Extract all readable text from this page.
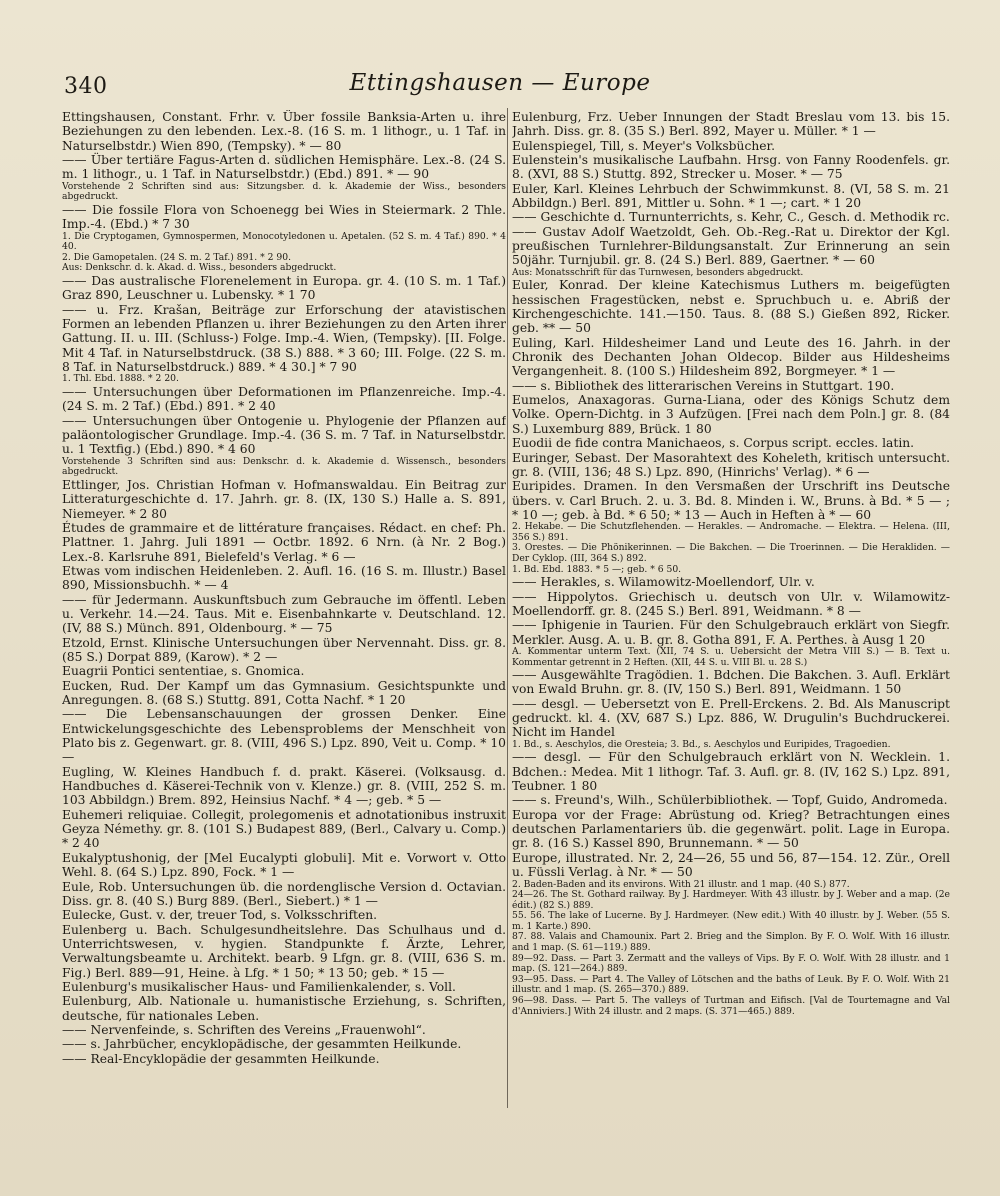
340	Ettingshausen — Europe

Ettingshausen, Constant. Frhr. v. Über fossile Banksia-Arten u. ihre Beziehungen zu den lebenden. Lex.-8. (16 S. m. 1 lithogr., u. 1 Taf. in Naturselbstdr.) Wien 890, (Tempsky). * — 80

—— Über tertiäre Fagus-Arten d. südlichen Hemisphäre. Lex.-8. (24 S. m. 1 lithogr., u. 1 Taf. in Naturselbstdr.) (Ebd.) 891. * — 90

Vorstehende 2 Schriften sind aus: Sitzungsber. d. k. Akademie der Wiss., besonders abgedruckt.

—— Die fossile Flora von Schoenegg bei Wies in Steiermark. 2 Thle. Imp.-4. (Ebd.) * 7 30

1. Die Cryptogamen, Gymnospermen, Monocotyledonen u. Apetalen. (52 S. m. 4 Taf.) 890. * 4 40.
2. Die Gamopetalen. (24 S. m. 2 Taf.) 891. * 2 90.
Aus: Denkschr. d. k. Akad. d. Wiss., besonders abgedruckt.

—— Das australische Florenelement in Europa. gr. 4. (10 S. m. 1 Taf.) Graz 890, Leuschner u. Lubensky. * 1 70

—— u. Frz. Krašan, Beiträge zur Erforschung der atavistischen Formen an lebenden Pflanzen u. ihrer Beziehungen zu den Arten ihrer Gattung. II. u. III. (Schluss-) Folge. Imp.-4. Wien, (Tempsky). [II. Folge. Mit 4 Taf. in Naturselbstdruck. (38 S.) 888. * 3 60; III. Folge. (22 S. m. 8 Taf. in Naturselbstdruck.) 889. * 4 30.] * 7 90

1. Thl. Ebd. 1888. * 2 20.

—— Untersuchungen über Deformationen im Pflanzenreiche. Imp.-4. (24 S. m. 2 Taf.) (Ebd.) 891. * 2 40

—— Untersuchungen über Ontogenie u. Phylogenie der Pflanzen auf paläontologischer Grundlage. Imp.-4. (36 S. m. 7 Taf. in Naturselbstdr. u. 1 Textfig.) (Ebd.) 890. * 4 60

Vorstehende 3 Schriften sind aus: Denkschr. d. k. Akademie d. Wissensch., besonders abgedruckt.

Ettlinger, Jos. Christian Hofman v. Hofmanswaldau. Ein Beitrag zur Litteraturgeschichte d. 17. Jahrh. gr. 8. (IX, 130 S.) Halle a. S. 891, Niemeyer. * 2 80

Études de grammaire et de littérature françaises. Rédact. en chef: Ph. Plattner. 1. Jahrg. Juli 1891 — Octbr. 1892. 6 Nrn. (à Nr. 2 Bog.) Lex.-8. Karlsruhe 891, Bielefeld's Verlag. * 6 —

Etwas vom indischen Heidenleben. 2. Aufl. 16. (16 S. m. Illustr.) Basel 890, Missionsbuchh. * — 4

—— für Jedermann. Auskunftsbuch zum Gebrauche im öffentl. Leben u. Verkehr. 14.—24. Taus. Mit e. Eisenbahnkarte v. Deutschland. 12. (IV, 88 S.) Münch. 891, Oldenbourg. * — 75

Etzold, Ernst. Klinische Untersuchungen über Nervennaht. Diss. gr. 8. (85 S.) Dorpat 889, (Karow). * 2 —

Euagrii Pontici sententiae, s. Gnomica.

Eucken, Rud. Der Kampf um das Gymnasium. Gesichtspunkte und Anregungen. 8. (68 S.) Stuttg. 891, Cotta Nachf. * 1 20

—— Die Lebensanschauungen der grossen Denker. Eine Entwickelungsgeschichte des Lebensproblems der Menschheit von Plato bis z. Gegenwart. gr. 8. (VIII, 496 S.) Lpz. 890, Veit u. Comp. * 10 —

Eugling, W. Kleines Handbuch f. d. prakt. Käserei. (Volksausg. d. Handbuches d. Käserei-Technik von v. Klenze.) gr. 8. (VIII, 252 S. m. 103 Abbildgn.) Brem. 892, Heinsius Nachf. * 4 —; geb. * 5 —

Euhemeri reliquiae. Collegit, prolegomenis et adnotationibus instruxit Geyza Némethy. gr. 8. (101 S.) Budapest 889, (Berl., Calvary u. Comp.) * 2 40

Eukalyptushonig, der [Mel Eucalypti globuli]. Mit e. Vorwort v. Otto Wehl. 8. (64 S.) Lpz. 890, Fock. * 1 —

Eule, Rob. Untersuchungen üb. die nordenglische Version d. Octavian. Diss. gr. 8. (40 S.) Burg 889. (Berl., Siebert.) * 1 —

Eulecke, Gust. v. der, treuer Tod, s. Volksschriften.

Eulenberg u. Bach. Schulgesundheitslehre. Das Schulhaus und d. Unterrichtswesen, v. hygien. Standpunkte f. Ärzte, Lehrer, Verwaltungsbeamte u. Architekt. bearb. 9 Lfgn. gr. 8. (VIII, 636 S. m. Fig.) Berl. 889—91, Heine. à Lfg. * 1 50; * 13 50; geb. * 15 —

Eulenburg's musikalischer Haus- und Familienkalender, s. Voll.

Eulenburg, Alb. Nationale u. humanistische Erziehung, s. Schriften, deutsche, für nationales Leben.

—— Nervenfeinde, s. Schriften des Vereins „Frauenwohl“.

—— s. Jahrbücher, encyklopädische, der gesammten Heilkunde.

—— Real-Encyklopädie der gesammten Heilkunde.

Eulenburg, Frz. Ueber Innungen der Stadt Breslau vom 13. bis 15. Jahrh. Diss. gr. 8. (35 S.) Berl. 892, Mayer u. Müller. * 1 —

Eulenspiegel, Till, s. Meyer's Volksbücher.

Eulenstein's musikalische Laufbahn. Hrsg. von Fanny Roodenfels. gr. 8. (XVI, 88 S.) Stuttg. 892, Strecker u. Moser. * — 75

Euler, Karl. Kleines Lehrbuch der Schwimmkunst. 8. (VI, 58 S. m. 21 Abbildgn.) Berl. 891, Mittler u. Sohn. * 1 —; cart. * 1 20

—— Geschichte d. Turnunterrichts, s. Kehr, C., Gesch. d. Methodik rc.

—— Gustav Adolf Waetzoldt, Geh. Ob.-Reg.-Rat u. Direktor der Kgl. preußischen Turnlehrer-Bildungsanstalt. Zur Erinnerung an sein 50jähr. Turnjubil. gr. 8. (24 S.) Berl. 889, Gaertner. * — 60

Aus: Monatsschrift für das Turnwesen, besonders abgedruckt.

Euler, Konrad. Der kleine Katechismus Luthers m. beigefügten hessischen Fragestücken, nebst e. Spruchbuch u. e. Abriß der Kirchengeschichte. 141.—150. Taus. 8. (88 S.) Gießen 892, Ricker. geb. ** — 50

Euling, Karl. Hildesheimer Land und Leute des 16. Jahrh. in der Chronik des Dechanten Johan Oldecop. Bilder aus Hildesheims Vergangenheit. 8. (100 S.) Hildesheim 892, Borgmeyer. * 1 —

—— s. Bibliothek des litterarischen Vereins in Stuttgart. 190.

Eumelos, Anaxagoras. Gurna-Liana, oder des Königs Schutz dem Volke. Opern-Dichtg. in 3 Aufzügen. [Frei nach dem Poln.] gr. 8. (84 S.) Luxemburg 889, Brück. 1 80

Euodii de fide contra Manichaeos, s. Corpus script. eccles. latin.

Euringer, Sebast. Der Masorahtext des Koheleth, kritisch untersucht. gr. 8. (VIII, 136; 48 S.) Lpz. 890, (Hinrichs' Verlag). * 6 —

Euripides. Dramen. In den Versmaßen der Urschrift ins Deutsche übers. v. Carl Bruch. 2. u. 3. Bd. 8. Minden i. W., Bruns. à Bd. * 5 — ; * 10 —; geb. à Bd. * 6 50; * 13 — Auch in Heften à * — 60

2. Hekabe. — Die Schutzflehenden. — Herakles. — Andromache. — Elektra. — Helena. (III, 356 S.) 891.
3. Orestes. — Die Phönikerinnen. — Die Bakchen. — Die Troerinnen. — Die Herakliden. — Der Cyklop. (III, 364 S.) 892.
1. Bd. Ebd. 1883. * 5 —; geb. * 6 50.

—— Herakles, s. Wilamowitz-Moellendorf, Ulr. v.

—— Hippolytos. Griechisch u. deutsch von Ulr. v. Wilamowitz-Moellendorff. gr. 8. (245 S.) Berl. 891, Weidmann. * 8 —

—— Iphigenie in Taurien. Für den Schulgebrauch erklärt von Siegfr. Merkler. Ausg. A. u. B. gr. 8. Gotha 891, F. A. Perthes. à Ausg 1 20

A. Kommentar unterm Text. (XII, 74 S. u. Uebersicht der Metra VIII S.) — B. Text u. Kommentar getrennt in 2 Heften. (XII, 44 S. u. VIII Bl. u. 28 S.)

—— Ausgewählte Tragödien. 1. Bdchen. Die Bakchen. 3. Aufl. Erklärt von Ewald Bruhn. gr. 8. (IV, 150 S.) Berl. 891, Weidmann. 1 50

—— desgl. — Uebersetzt von E. Prell-Erckens. 2. Bd. Als Manuscript gedruckt. kl. 4. (XV, 687 S.) Lpz. 886, W. Drugulin's Buchdruckerei. Nicht im Handel

1. Bd., s. Aeschylos, die Oresteia; 3. Bd., s. Aeschylos und Euripides, Tragoedien.

—— desgl. — Für den Schulgebrauch erklärt von N. Wecklein. 1. Bdchen.: Medea. Mit 1 lithogr. Taf. 3. Aufl. gr. 8. (IV, 162 S.) Lpz. 891, Teubner. 1 80

—— s. Freund's, Wilh., Schülerbibliothek. — Topf, Guido, Andromeda.

Europa vor der Frage: Abrüstung od. Krieg? Betrachtungen eines deutschen Parlamentariers üb. die gegenwärt. polit. Lage in Europa. gr. 8. (16 S.) Kassel 890, Brunnemann. * — 50

Europe, illustrated. Nr. 2, 24—26, 55 und 56, 87—154. 12. Zür., Orell u. Füssli Verlag. à Nr. * — 50

2. Baden-Baden and its environs. With 21 illustr. and 1 map. (40 S.) 877.
24—26. The St. Gothard railway. By J. Hardmeyer. With 43 illustr. by J. Weber and a map. (2e édit.) (82 S.) 889.
55. 56. The lake of Lucerne. By J. Hardmeyer. (New edit.) With 40 illustr. by J. Weber. (55 S. m. 1 Karte.) 890.
87. 88. Valais and Chamounix. Part 2. Brieg and the Simplon. By F. O. Wolf. With 16 illustr. and 1 map. (S. 61—119.) 889.
89—92. Dass. — Part 3. Zermatt and the valleys of Vips. By F. O. Wolf. With 28 illustr. and 1 map. (S. 121—264.) 889.
93—95. Dass. — Part 4. The Valley of Lötschen and the baths of Leuk. By F. O. Wolf. With 21 illustr. and 1 map. (S. 265—370.) 889.
96—98. Dass. — Part 5. The valleys of Turtman and Eifisch. [Val de Tourtemagne and Val d'Anniviers.] With 24 illustr. and 2 maps. (S. 371—465.) 889.
